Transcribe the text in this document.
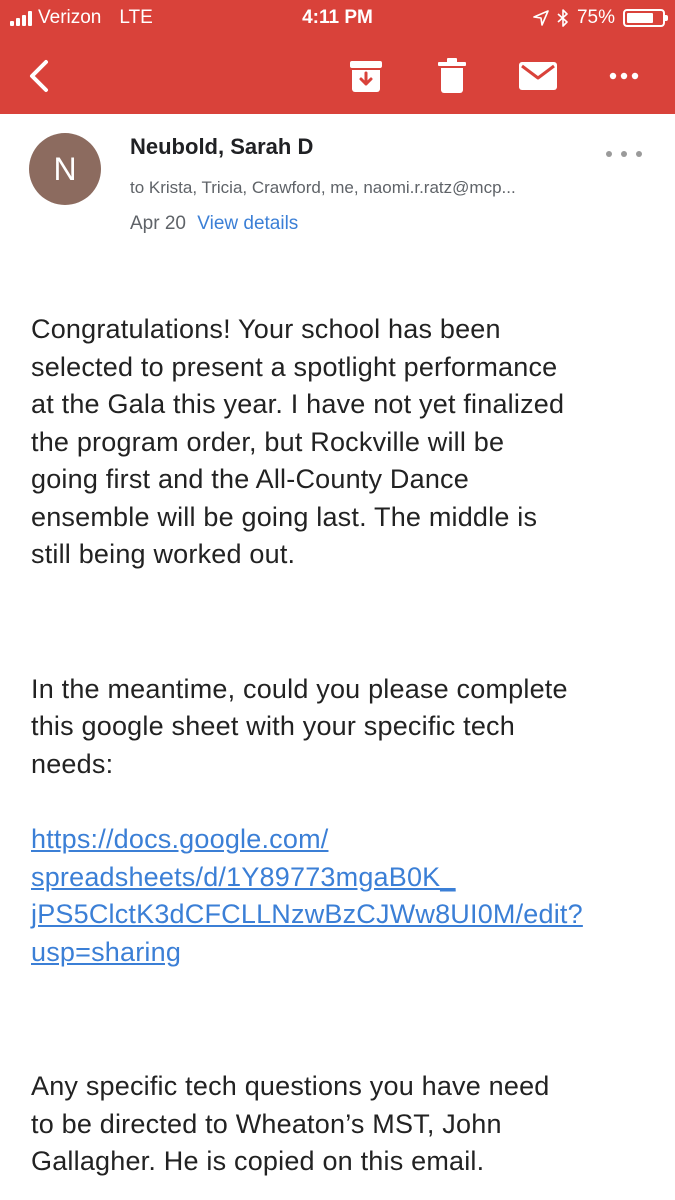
Verizon LTE	4:11 PM	75%
N
Neubold, Sarah D
to Krista, Tricia, Crawford, me, naomi.r.ratz@mcp...
Apr 20 View details

Congratulations! Your school has been
selected to present a spotlight performance
at the Gala this year. I have not yet finalized
the program order, but Rockville will be
going first and the All-County Dance
ensemble will be going last. The middle is
still being worked out.

In the meantime, could you please complete
this google sheet with your specific tech
needs:

https://docs.google.com/
spreadsheets/d/1Y89773mgaB0K_
jPS5ClctK3dCFCLLNzwBzCJWw8UI0M/edit?
usp=sharing

Any specific tech questions you have need
to be directed to Wheaton’s MST, John
Gallagher. He is copied on this email.
